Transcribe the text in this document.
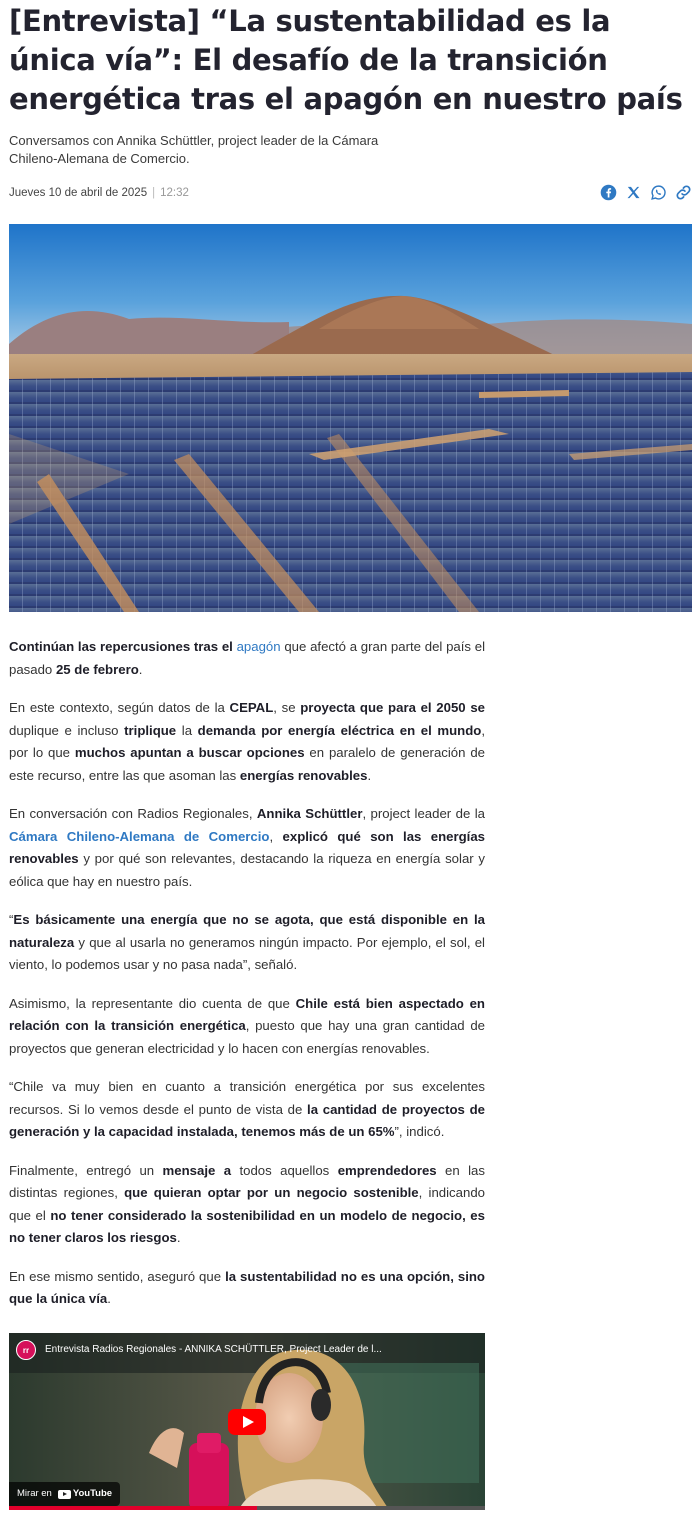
[Entrevista] “La sustentabilidad es la única vía”: El desafío de la transición energética tras el apagón en nuestro país

Conversamos con Annika Schüttler, project leader de la Cámara Chileno-Alemana de Comercio.

Jueves 10 de abril de 2025 | 12:32

Continúan las repercusiones tras el apagón que afectó a gran parte del país el pasado 25 de febrero.

En este contexto, según datos de la CEPAL, se proyecta que para el 2050 se duplique e incluso triplique la demanda por energía eléctrica en el mundo, por lo que muchos apuntan a buscar opciones en paralelo de generación de este recurso, entre las que asoman las energías renovables.

En conversación con Radios Regionales, Annika Schüttler, project leader de la Cámara Chileno-Alemana de Comercio, explicó qué son las energías renovables y por qué son relevantes, destacando la riqueza en energía solar y eólica que hay en nuestro país.

“Es básicamente una energía que no se agota, que está disponible en la naturaleza y que al usarla no generamos ningún impacto. Por ejemplo, el sol, el viento, lo podemos usar y no pasa nada”, señaló.

Asimismo, la representante dio cuenta de que Chile está bien aspectado en relación con la transición energética, puesto que hay una gran cantidad de proyectos que generan electricidad y lo hacen con energías renovables.

“Chile va muy bien en cuanto a transición energética por sus excelentes recursos. Si lo vemos desde el punto de vista de la cantidad de proyectos de generación y la capacidad instalada, tenemos más de un 65%”, indicó.

Finalmente, entregó un mensaje a todos aquellos emprendedores en las distintas regiones, que quieran optar por un negocio sostenible, indicando que el no tener considerado la sostenibilidad en un modelo de negocio, es no tener claros los riesgos.

En ese mismo sentido, aseguró que la sustentabilidad no es una opción, sino que la única vía.

rr	Entrevista Radios Regionales - ANNIKA SCHÜTTLER, Project Leader de l...
Mirar en YouTube
